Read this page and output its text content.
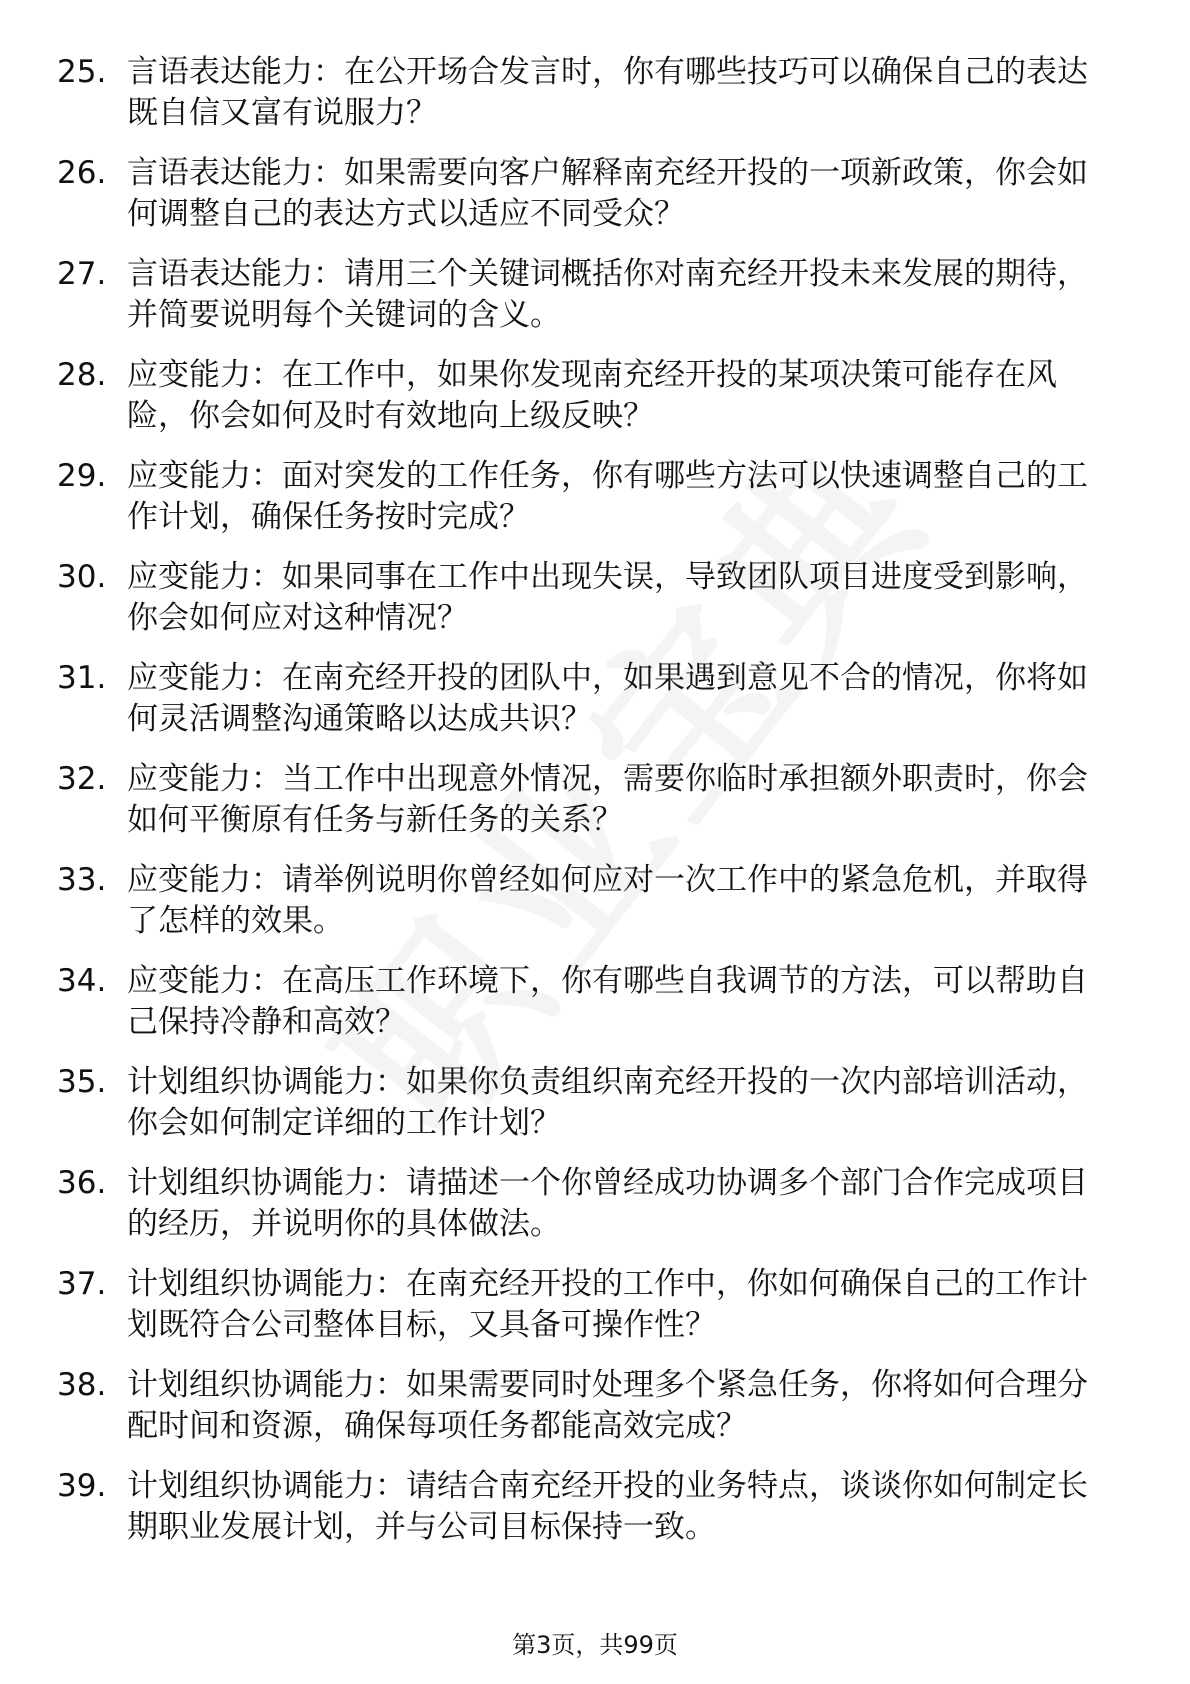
25. 言语表达能力：在公开场合发言时，你有哪些技巧可以确保自己的表达既自信又富有说服力？
26. 言语表达能力：如果需要向客户解释南充经开投的一项新政策，你会如何调整自己的表达方式以适应不同受众？
27. 言语表达能力：请用三个关键词概括你对南充经开投未来发展的期待，并简要说明每个关键词的含义。
28. 应变能力：在工作中，如果你发现南充经开投的某项决策可能存在风险，你会如何及时有效地向上级反映？
29. 应变能力：面对突发的工作任务，你有哪些方法可以快速调整自己的工作计划，确保任务按时完成？
30. 应变能力：如果同事在工作中出现失误，导致团队项目进度受到影响，你会如何应对这种情况？
31. 应变能力：在南充经开投的团队中，如果遇到意见不合的情况，你将如何灵活调整沟通策略以达成共识？
32. 应变能力：当工作中出现意外情况，需要你临时承担额外职责时，你会如何平衡原有任务与新任务的关系？
33. 应变能力：请举例说明你曾经如何应对一次工作中的紧急危机，并取得了怎样的效果。
34. 应变能力：在高压工作环境下，你有哪些自我调节的方法，可以帮助自己保持冷静和高效？
35. 计划组织协调能力：如果你负责组织南充经开投的一次内部培训活动，你会如何制定详细的工作计划？
36. 计划组织协调能力：请描述一个你曾经成功协调多个部门合作完成项目的经历，并说明你的具体做法。
37. 计划组织协调能力：在南充经开投的工作中，你如何确保自己的工作计划既符合公司整体目标，又具备可操作性？
38. 计划组织协调能力：如果需要同时处理多个紧急任务，你将如何合理分配时间和资源，确保每项任务都能高效完成？
39. 计划组织协调能力：请结合南充经开投的业务特点，谈谈你如何制定长期职业发展计划，并与公司目标保持一致。
第3页，共99页
